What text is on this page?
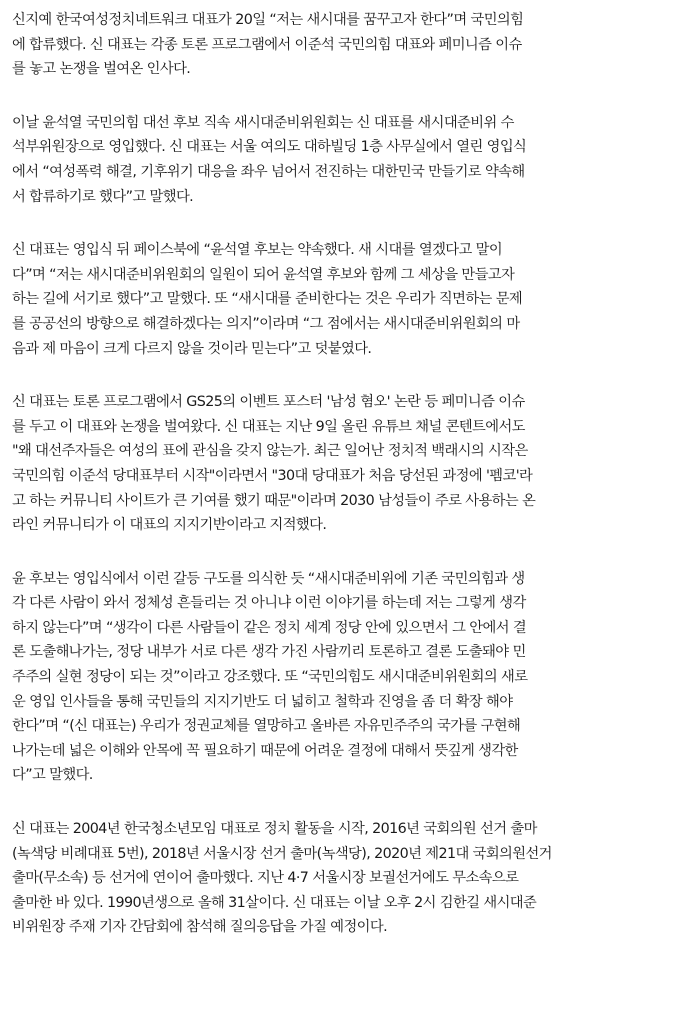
신지예 한국여성정치네트워크 대표가 20일 “저는 새시대를 꿈꾸고자 한다”며 국민의힘
에 합류했다. 신 대표는 각종 토론 프로그램에서 이준석 국민의힘 대표와 페미니즘 이슈
를 놓고 논쟁을 벌여온 인사다.
이날 윤석열 국민의힘 대선 후보 직속 새시대준비위원회는 신 대표를 새시대준비위 수
석부위원장으로 영입했다. 신 대표는 서울 여의도 대하빌딩 1층 사무실에서 열린 영입식
에서 “여성폭력 해결, 기후위기 대응을 좌우 넘어서 전진하는 대한민국 만들기로 약속해
서 합류하기로 했다”고 말했다.
신 대표는 영입식 뒤 페이스북에 “윤석열 후보는 약속했다. 새 시대를 열겠다고 말이
다”며 “저는 새시대준비위원회의 일원이 되어 윤석열 후보와 함께 그 세상을 만들고자
하는 길에 서기로 했다”고 말했다. 또 “새시대를 준비한다는 것은 우리가 직면하는 문제
를 공공선의 방향으로 해결하겠다는 의지”이라며 “그 점에서는 새시대준비위원회의 마
음과 제 마음이 크게 다르지 않을 것이라 믿는다”고 덧붙였다.
신 대표는 토론 프로그램에서 GS25의 이벤트 포스터 '남성 혐오' 논란 등 페미니즘 이슈
를 두고 이 대표와 논쟁을 벌여왔다. 신 대표는 지난 9일 올린 유튜브 채널 콘텐트에서도
"왜 대선주자들은 여성의 표에 관심을 갖지 않는가. 최근 일어난 정치적 백래시의 시작은
국민의힘 이준석 당대표부터 시작"이라면서 "30대 당대표가 처음 당선된 과정에 '펨코'라
고 하는 커뮤니티 사이트가 큰 기여를 했기 때문"이라며 2030 남성들이 주로 사용하는 온
라인 커뮤니티가 이 대표의 지지기반이라고 지적했다.
윤 후보는 영입식에서 이런 갈등 구도를 의식한 듯 “새시대준비위에 기존 국민의힘과 생
각 다른 사람이 와서 정체성 흔들리는 것 아니냐 이런 이야기를 하는데 저는 그렇게 생각
하지 않는다”며 “생각이 다른 사람들이 같은 정치 세계 정당 안에 있으면서 그 안에서 결
론 도출해나가는, 정당 내부가 서로 다른 생각 가진 사람끼리 토론하고 결론 도출돼야 민
주주의 실현 정당이 되는 것”이라고 강조했다. 또 “국민의힘도 새시대준비위원회의 새로
운 영입 인사들을 통해 국민들의 지지기반도 더 넓히고 철학과 진영을 좀 더 확장 해야
한다”며 “(신 대표는) 우리가 정권교체를 열망하고 올바른 자유민주주의 국가를 구현해
나가는데 넓은 이해와 안목에 꼭 필요하기 때문에 어려운 결정에 대해서 뜻깊게 생각한
다”고 말했다.
신 대표는 2004년 한국청소년모임 대표로 정치 활동을 시작, 2016년 국회의원 선거 출마
(녹색당 비례대표 5번), 2018년 서울시장 선거 출마(녹색당), 2020년 제21대 국회의원선거
출마(무소속) 등 선거에 연이어 출마했다. 지난 4·7 서울시장 보궐선거에도 무소속으로
출마한 바 있다. 1990년생으로 올해 31살이다. 신 대표는 이날 오후 2시 김한길 새시대준
비위원장 주재 기자 간담회에 참석해 질의응답을 가질 예정이다.
